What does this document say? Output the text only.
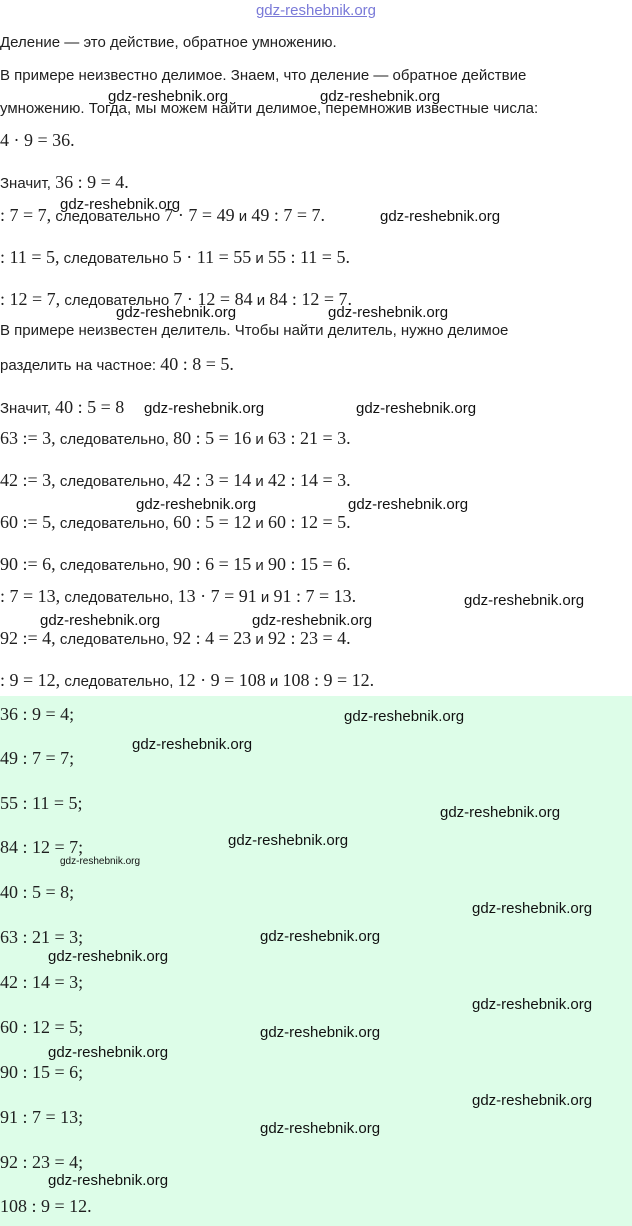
gdz-reshebnik.org
Деление — это действие, обратное умножению.
В примере неизвестно делимое. Знаем, что деление — обратное действие
умножению. Тогда, мы можем найти делимое, перемножив известные числа:
4 · 9 = 36.
Значит, 36 : 9 = 4.
: 7 = 7, следовательно 7 · 7 = 49 и 49 : 7 = 7.
: 11 = 5, следовательно 5 · 11 = 55 и 55 : 11 = 5.
: 12 = 7, следовательно 7 · 12 = 84 и 84 : 12 = 7.
В примере неизвестен делитель. Чтобы найти делитель, нужно делимое
разделить на частное: 40 : 8 = 5.
Значит, 40 : 5 = 8
63 := 3, следовательно, 80 : 5 = 16 и 63 : 21 = 3.
42 := 3, следовательно, 42 : 3 = 14 и 42 : 14 = 3.
60 := 5, следовательно, 60 : 5 = 12 и 60 : 12 = 5.
90 := 6, следовательно, 90 : 6 = 15 и 90 : 15 = 6.
: 7 = 13, следовательно, 13 · 7 = 91 и 91 : 7 = 13.
92 := 4, следовательно, 92 : 4 = 23 и 92 : 23 = 4.
: 9 = 12, следовательно, 12 · 9 = 108 и 108 : 9 = 12.
36 : 9 = 4;
49 : 7 = 7;
55 : 11 = 5;
84 : 12 = 7;
40 : 5 = 8;
63 : 21 = 3;
42 : 14 = 3;
60 : 12 = 5;
90 : 15 = 6;
91 : 7 = 13;
92 : 23 = 4;
108 : 9 = 12.
gdz-reshebnik.org	gdz-reshebnik.org
gdz-reshebnik.org
gdz-reshebnik.org
gdz-reshebnik.org	gdz-reshebnik.org
gdz-reshebnik.org	gdz-reshebnik.org
gdz-reshebnik.org	gdz-reshebnik.org
gdz-reshebnik.org
gdz-reshebnik.org	gdz-reshebnik.org
gdz-reshebnik.org
gdz-reshebnik.org
gdz-reshebnik.org
gdz-reshebnik.org
gdz-reshebnik.org
gdz-reshebnik.org
gdz-reshebnik.org
gdz-reshebnik.org
gdz-reshebnik.org
gdz-reshebnik.org
gdz-reshebnik.org
gdz-reshebnik.org
gdz-reshebnik.org
gdz-reshebnik.org
